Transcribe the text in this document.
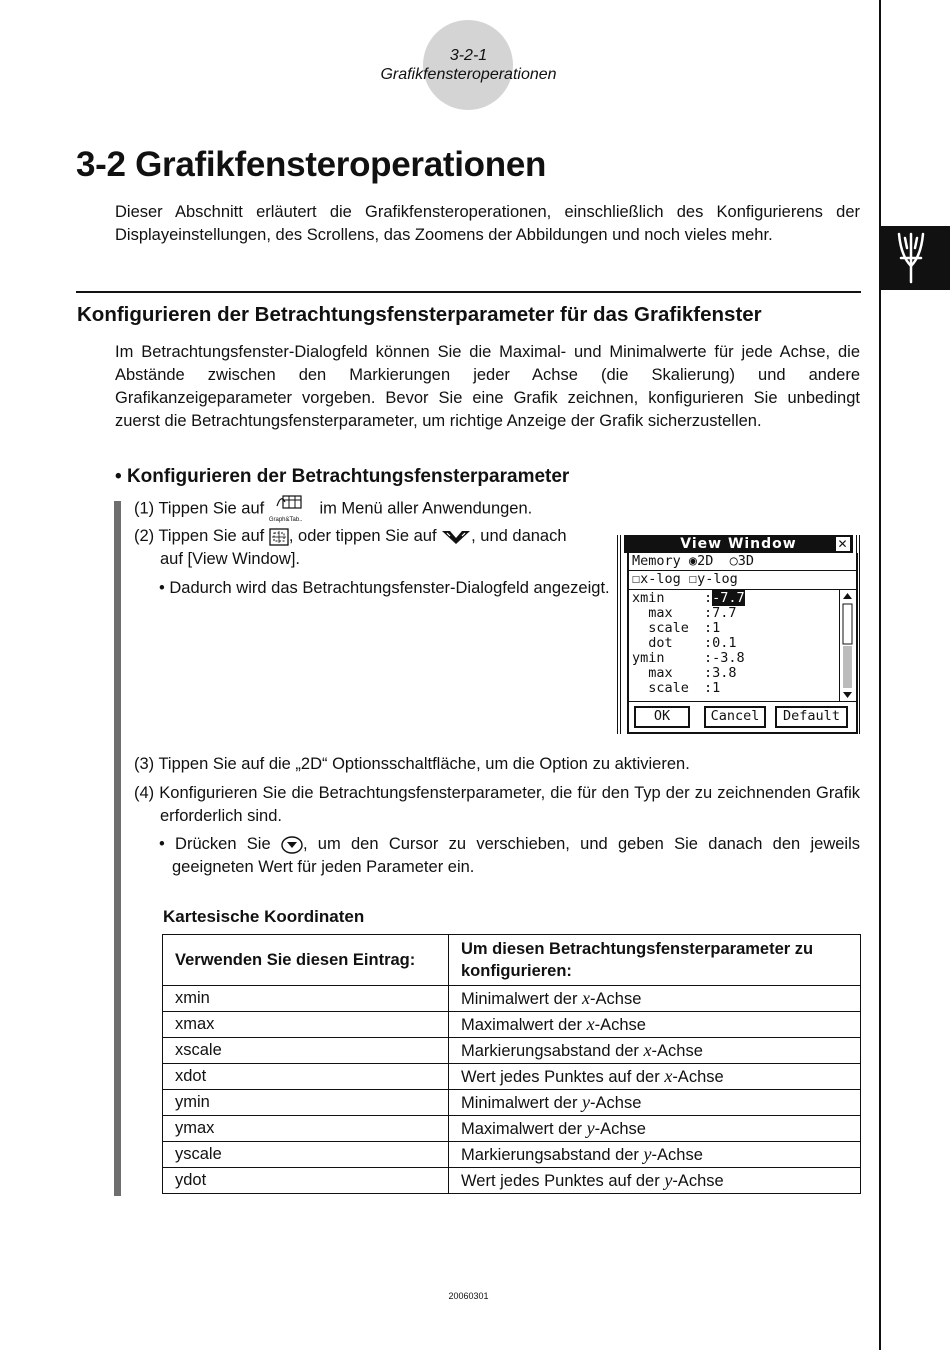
3-2-1
Grafikfensteroperationen
3-2 Grafikfensteroperationen
Dieser Abschnitt erläutert die Grafikfensteroperationen, einschließlich des Konfigurierens der Displayeinstellungen, des Scrollens, das Zoomens der Abbildungen und noch vieles mehr.
Konfigurieren der Betrachtungsfensterparameter für das Grafikfenster
Im Betrachtungsfenster-Dialogfeld können Sie die Maximal- und Minimalwerte für jede Achse, die Abstände zwischen den Markierungen jeder Achse (die Skalierung) und andere Grafikanzeigeparameter vorgeben. Bevor Sie eine Grafik zeichnen, konfigurieren Sie unbedingt zuerst die Betrachtungsfensterparameter, um richtige Anzeige der Grafik sicherzustellen.
• Konfigurieren der Betrachtungsfensterparameter
(1) Tippen Sie auf
Graph&Tab..
im Menü aller Anwendungen.
(2) Tippen Sie auf , oder tippen Sie auf , und danach
auf [View Window].
• Dadurch wird das Betrachtungsfenster-Dialogfeld angezeigt.
View Window	✕
Memory ◉2D ○3D
☐x-log ☐y-log
xmin	:-7.7
max :7.7
scale :1
dot :0.1
ymin	:-3.8
max :3.8
scale :1
OK	Cancel	Default
(3) Tippen Sie auf die „2D“ Optionsschaltfläche, um die Option zu aktivieren.
(4) Konfigurieren Sie die Betrachtungsfensterparameter, die für den Typ der zu zeichnenden Grafik erforderlich sind.
• Drücken Sie , um den Cursor zu verschieben, und geben Sie danach den jeweils geeigneten Wert für jeden Parameter ein.
Kartesische Koordinaten
Verwenden Sie diesen Eintrag:	Um diesen Betrachtungsfensterparameter zu konfigurieren:
xmin	Minimalwert der x-Achse
xmax	Maximalwert der x-Achse
xscale	Markierungsabstand der x-Achse
xdot	Wert jedes Punktes auf der x-Achse
ymin	Minimalwert der y-Achse
ymax	Maximalwert der y-Achse
yscale	Markierungsabstand der y-Achse
ydot	Wert jedes Punktes auf der y-Achse
20060301
